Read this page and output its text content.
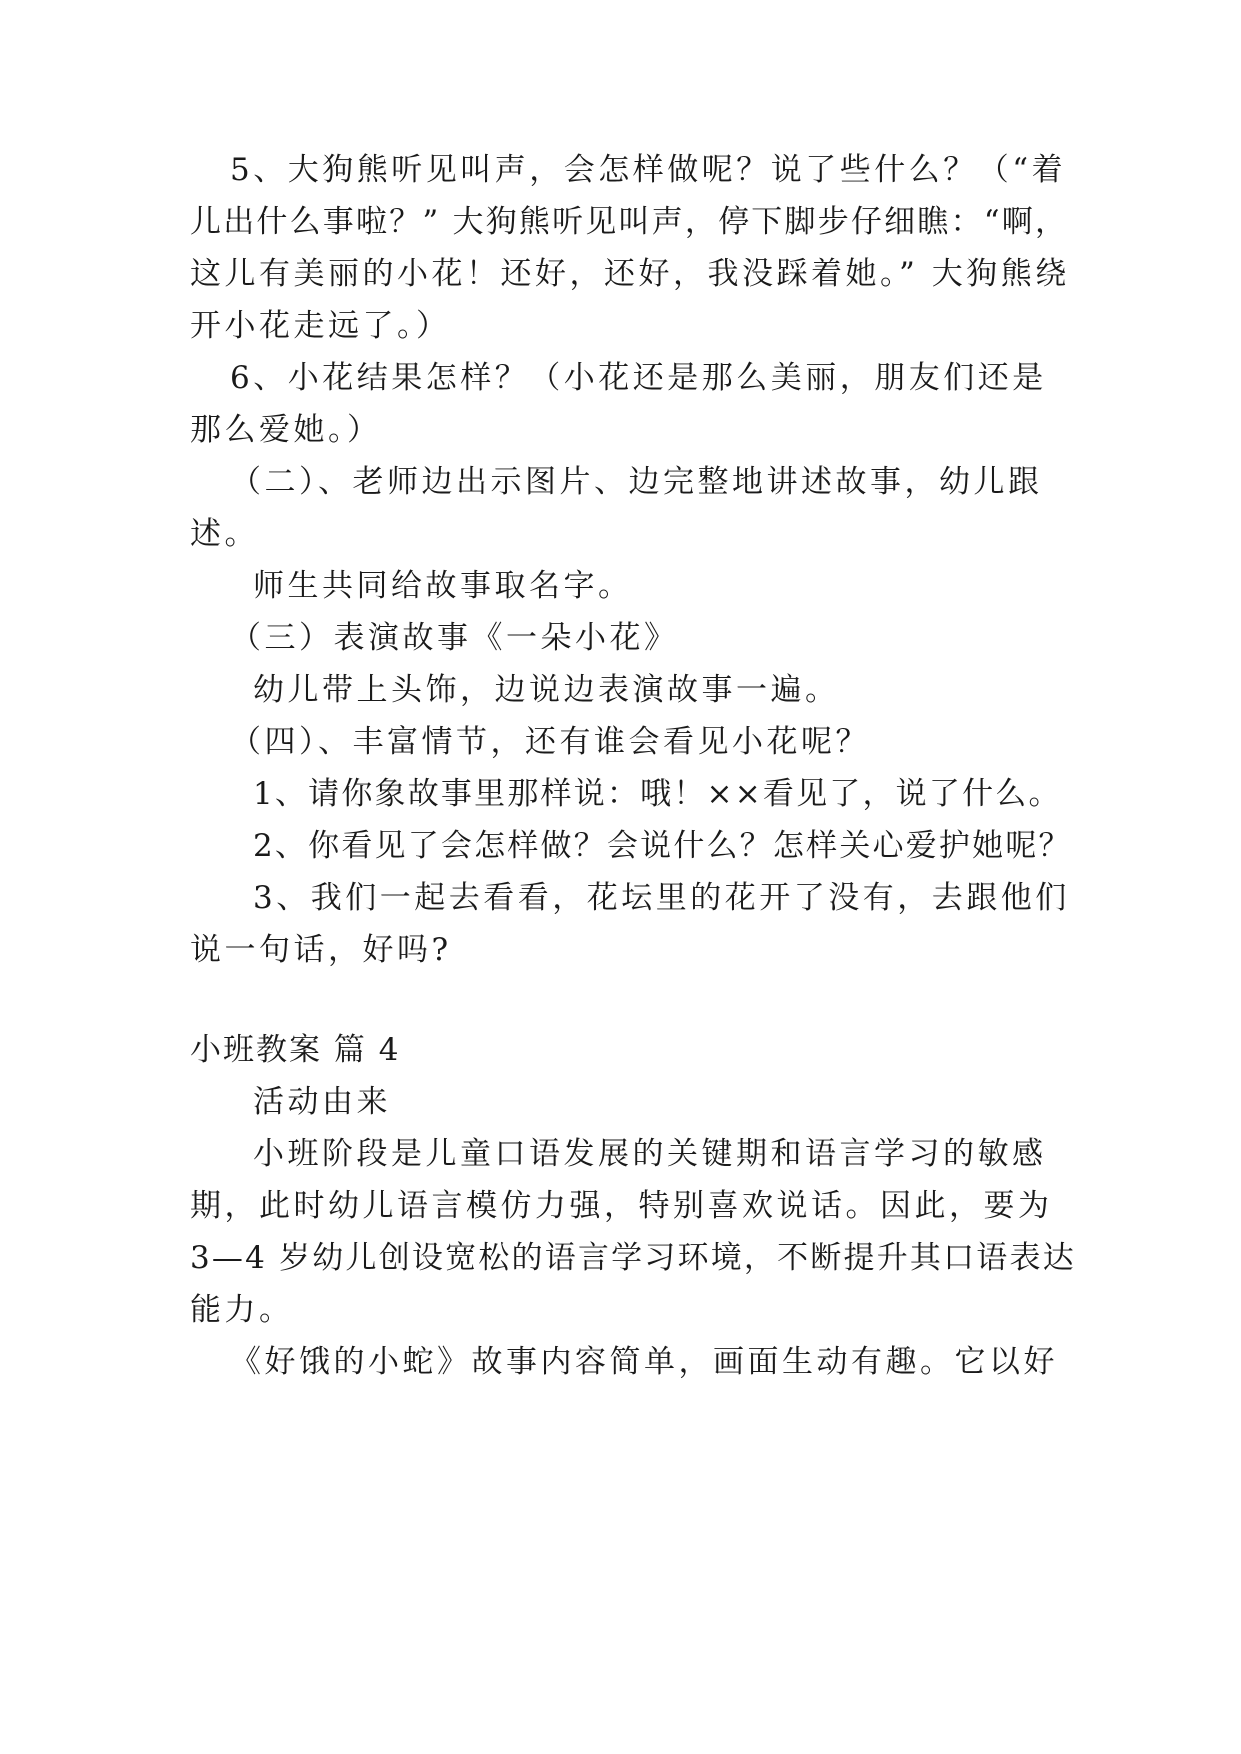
5、大狗熊听见叫声，会怎样做呢？说了些什么？（“着
儿出什么事啦？” 大狗熊听见叫声，停下脚步仔细瞧：“啊，
这儿有美丽的小花！还好，还好，我没踩着她。” 大狗熊绕
开小花走远了。）
6、小花结果怎样？（小花还是那么美丽，朋友们还是
那么爱她。）
（二）、老师边出示图片、边完整地讲述故事，幼儿跟
述。
师生共同给故事取名字。
（三）表演故事《一朵小花》
幼儿带上头饰，边说边表演故事一遍。
（四）、丰富情节，还有谁会看见小花呢？
1、请你象故事里那样说：哦！××看见了，说了什么。
2、你看见了会怎样做？会说什么？怎样关心爱护她呢？
3、我们一起去看看，花坛里的花开了没有，去跟他们
说一句话，好吗?
小班教案 篇 4
活动由来
小班阶段是儿童口语发展的关键期和语言学习的敏感
期，此时幼儿语言模仿力强，特别喜欢说话。因此，要为
3—4 岁幼儿创设宽松的语言学习环境，不断提升其口语表达
能力。
《好饿的小蛇》故事内容简单，画面生动有趣。它以好
